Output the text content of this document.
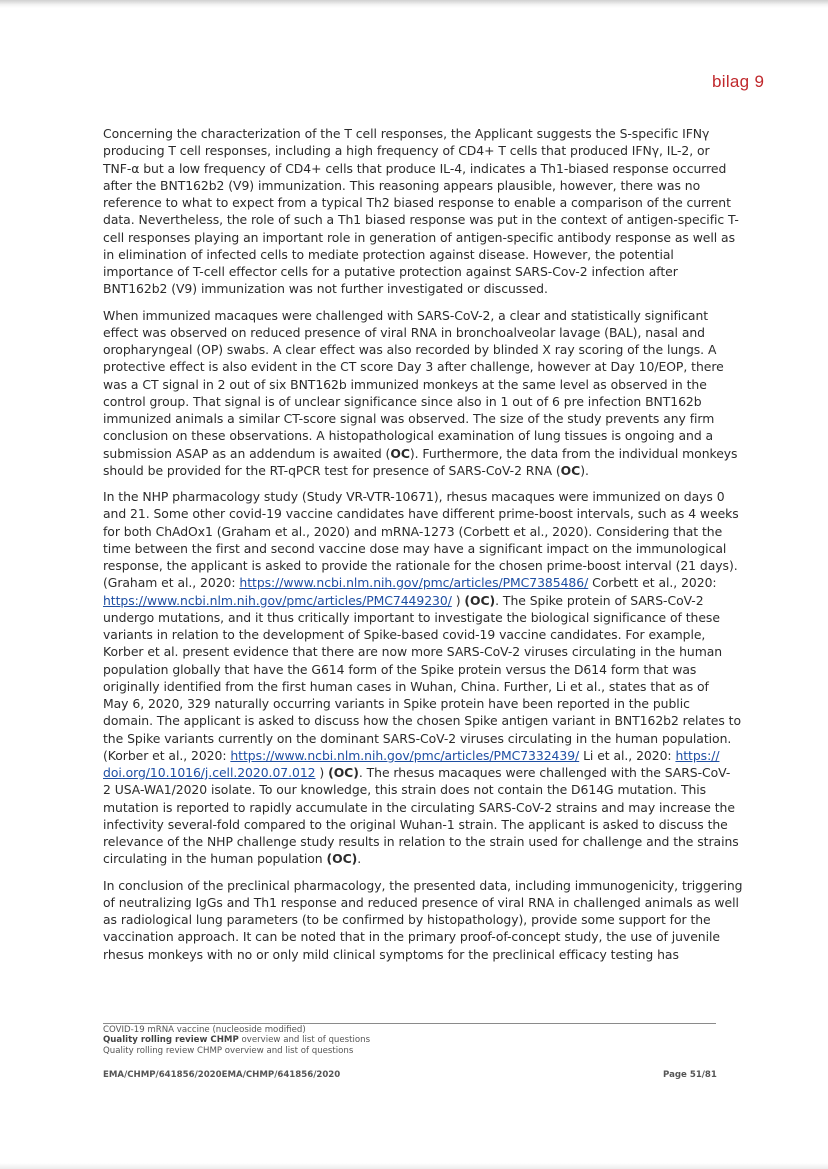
bilag 9

Concerning the characterization of the T cell responses, the Applicant suggests the S-specific IFNγ
producing T cell responses, including a high frequency of CD4+ T cells that produced IFNγ, IL-2, or
TNF-α but a low frequency of CD4+ cells that produce IL-4, indicates a Th1-biased response occurred
after the BNT162b2 (V9) immunization. This reasoning appears plausible, however, there was no
reference to what to expect from a typical Th2 biased response to enable a comparison of the current
data. Nevertheless, the role of such a Th1 biased response was put in the context of antigen-specific T-
cell responses playing an important role in generation of antigen-specific antibody response as well as
in elimination of infected cells to mediate protection against disease. However, the potential
importance of T-cell effector cells for a putative protection against SARS-Cov-2 infection after
BNT162b2 (V9) immunization was not further investigated or discussed.

When immunized macaques were challenged with SARS-CoV-2, a clear and statistically significant
effect was observed on reduced presence of viral RNA in bronchoalveolar lavage (BAL), nasal and
oropharyngeal (OP) swabs. A clear effect was also recorded by blinded X ray scoring of the lungs. A
protective effect is also evident in the CT score Day 3 after challenge, however at Day 10/EOP, there
was a CT signal in 2 out of six BNT162b immunized monkeys at the same level as observed in the
control group. That signal is of unclear significance since also in 1 out of 6 pre infection BNT162b
immunized animals a similar CT-score signal was observed. The size of the study prevents any firm
conclusion on these observations. A histopathological examination of lung tissues is ongoing and a
submission ASAP as an addendum is awaited (OC). Furthermore, the data from the individual monkeys
should be provided for the RT-qPCR test for presence of SARS-CoV-2 RNA (OC).

In the NHP pharmacology study (Study VR-VTR-10671), rhesus macaques were immunized on days 0
and 21. Some other covid-19 vaccine candidates have different prime-boost intervals, such as 4 weeks
for both ChAdOx1 (Graham et al., 2020) and mRNA-1273 (Corbett et al., 2020). Considering that the
time between the first and second vaccine dose may have a significant impact on the immunological
response, the applicant is asked to provide the rationale for the chosen prime-boost interval (21 days).
(Graham et al., 2020: https://www.ncbi.nlm.nih.gov/pmc/articles/PMC7385486/ Corbett et al., 2020:
https://www.ncbi.nlm.nih.gov/pmc/articles/PMC7449230/ ) (OC). The Spike protein of SARS-CoV-2
undergo mutations, and it thus critically important to investigate the biological significance of these
variants in relation to the development of Spike-based covid-19 vaccine candidates. For example,
Korber et al. present evidence that there are now more SARS-CoV-2 viruses circulating in the human
population globally that have the G614 form of the Spike protein versus the D614 form that was
originally identified from the first human cases in Wuhan, China. Further, Li et al., states that as of
May 6, 2020, 329 naturally occurring variants in Spike protein have been reported in the public
domain. The applicant is asked to discuss how the chosen Spike antigen variant in BNT162b2 relates to
the Spike variants currently on the dominant SARS-CoV-2 viruses circulating in the human population.
(Korber et al., 2020: https://www.ncbi.nlm.nih.gov/pmc/articles/PMC7332439/ Li et al., 2020: https://
doi.org/10.1016/j.cell.2020.07.012 ) (OC). The rhesus macaques were challenged with the SARS-CoV-
2 USA-WA1/2020 isolate. To our knowledge, this strain does not contain the D614G mutation. This
mutation is reported to rapidly accumulate in the circulating SARS-CoV-2 strains and may increase the
infectivity several-fold compared to the original Wuhan-1 strain. The applicant is asked to discuss the
relevance of the NHP challenge study results in relation to the strain used for challenge and the strains
circulating in the human population (OC).

In conclusion of the preclinical pharmacology, the presented data, including immunogenicity, triggering
of neutralizing IgGs and Th1 response and reduced presence of viral RNA in challenged animals as well
as radiological lung parameters (to be confirmed by histopathology), provide some support for the
vaccination approach. It can be noted that in the primary proof-of-concept study, the use of juvenile
rhesus monkeys with no or only mild clinical symptoms for the preclinical efficacy testing has

COVID-19 mRNA vaccine (nucleoside modified)
Quality rolling review CHMP overview and list of questions
Quality rolling review CHMP overview and list of questions
EMA/CHMP/641856/2020EMA/CHMP/641856/2020	Page 51/81
